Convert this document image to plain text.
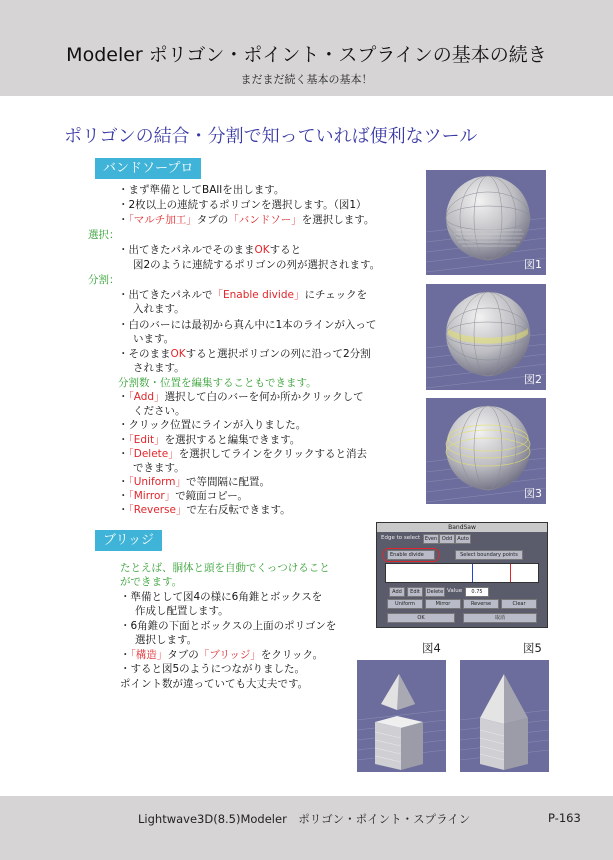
Modeler ポリゴン・ポイント・スプラインの基本の続き
まだまだ続く基本の基本！
ポリゴンの結合・分割で知っていれば便利なツール
バンドソープロ
・まず準備としてBAllを出します。
・2枚以上の連続するポリゴンを選択します。（図1）
・「マルチ加工」タブの「バンドソー」を選択します。
選択：
・出てきたパネルでそのままOKすると
図2のように連続するポリゴンの列が選択されます。
分割：
・出てきたパネルで「Enable divide」にチェックを
入れます。
・白のバーには最初から真ん中に1本のラインが入って
います。
・そのままOKすると選択ポリゴンの列に沿って2分割
されます。
分割数・位置を編集することもできます。
・「Add」選択して白のバーを何か所かクリックして
ください。
・クリック位置にラインが入りました。
・「Edit」を選択すると編集できます。
・「Delete」を選択してラインをクリックすると消去
できます。
・「Uniform」で等間隔に配置。
・「Mirror」で鏡面コピー。
・「Reverse」で左右反転できます。
図1
図2
図3
ブリッジ
たとえば、胴体と頭を自動でくっつけること
ができます。
・準備として図4の様に6角錐とボックスを
作成し配置します。
・6角錐の下面とボックスの上面のポリゴンを
選択します。
・「構造」タブの「ブリッジ」をクリック。
・すると図5のようにつながりました。
ポイント数が違っていても大丈夫です。
BandSaw
Edge to select Even Odd	Auto
Enable divide	Select boundary points
Add	Edit	Delete Value	0.75
Uniform	Mirror	Reverse	Clear
OK	取消
図4	図5
Lightwave3D(8.5)Modeler　ポリゴン・ポイント・スプライン	P-163
